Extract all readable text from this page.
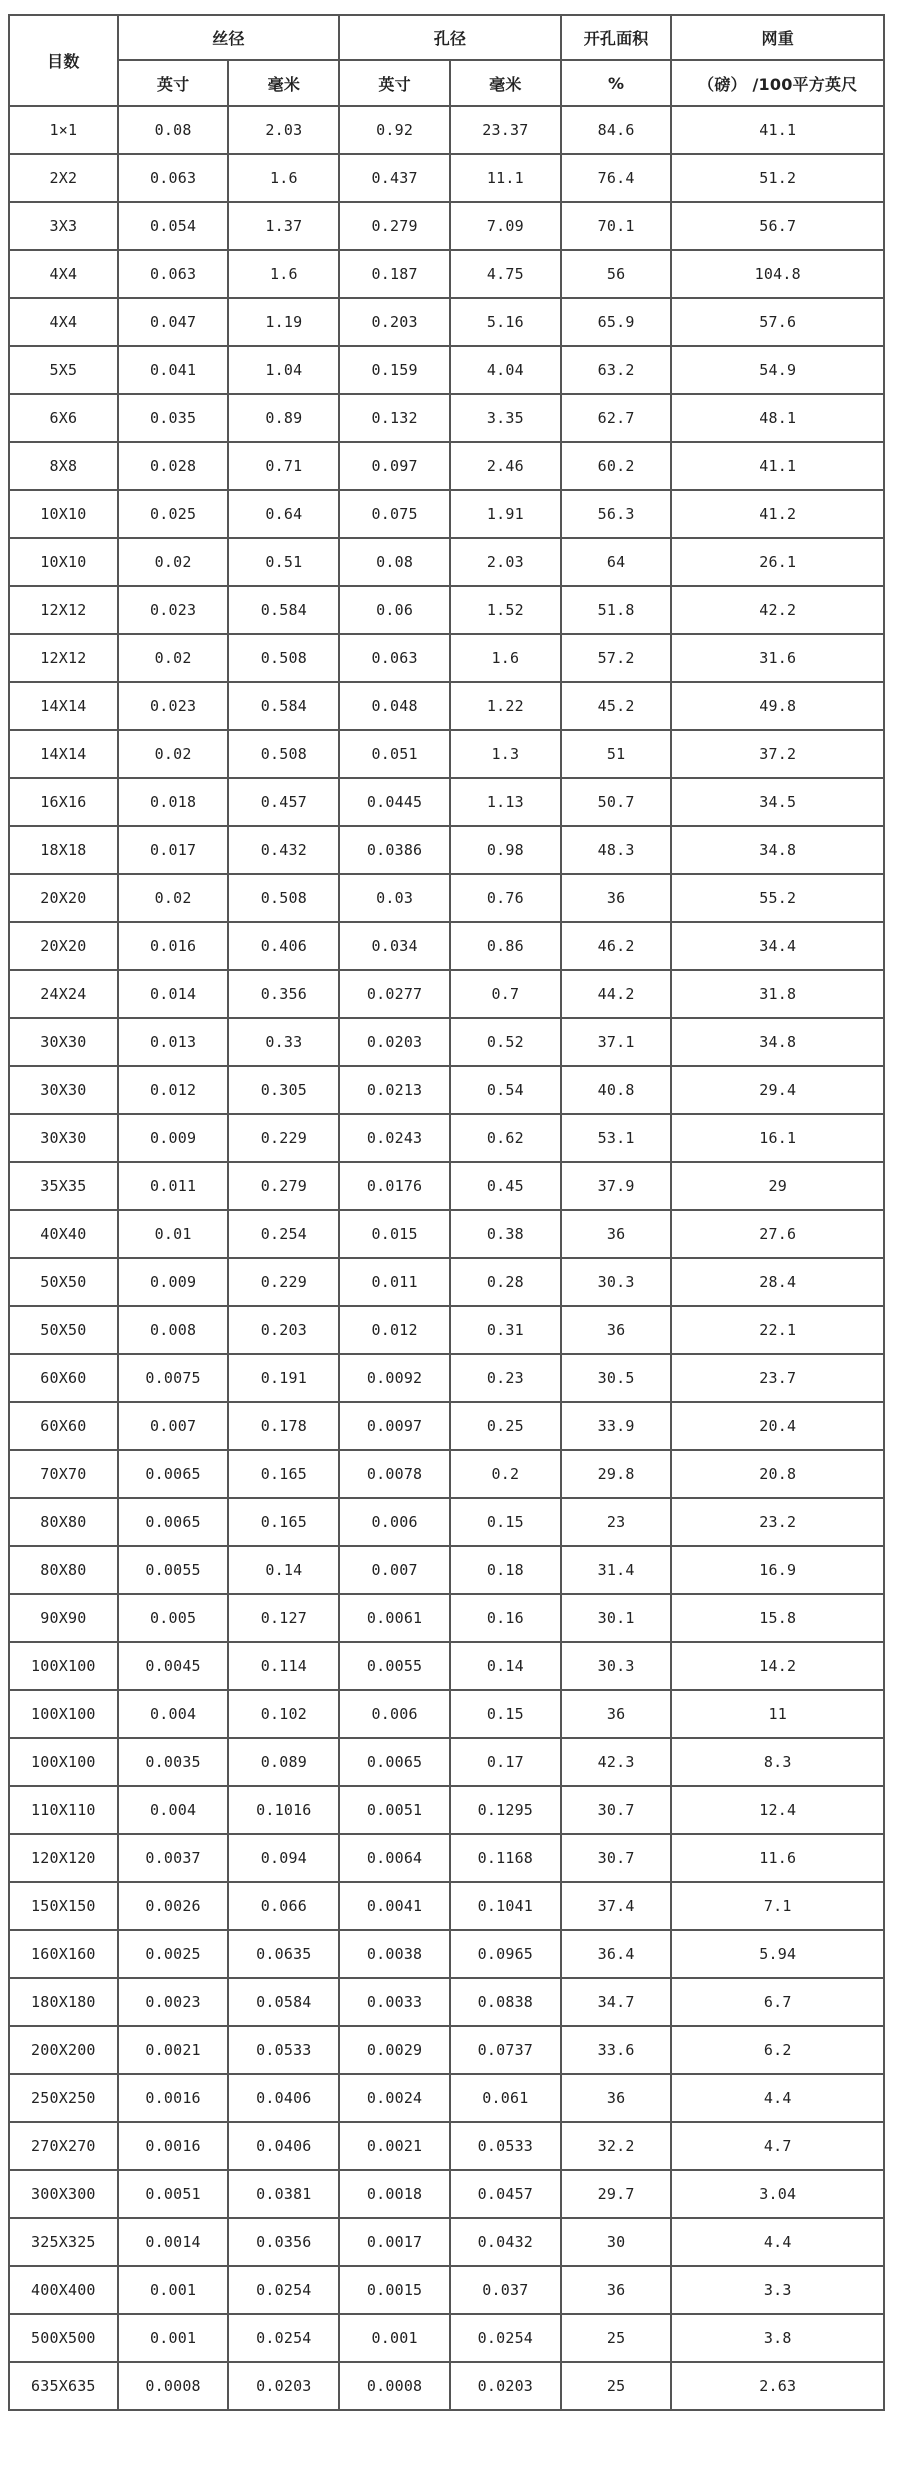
目数	丝径		孔径		开孔面积	网重
	英寸	毫米	英寸	毫米	%	（磅） /100平方英尺
1×1	0.08	2.03	0.92	23.37	84.6	41.1
2X2	0.063	1.6	0.437	11.1	76.4	51.2
3X3	0.054	1.37	0.279	7.09	70.1	56.7
4X4	0.063	1.6	0.187	4.75	56	104.8
4X4	0.047	1.19	0.203	5.16	65.9	57.6
5X5	0.041	1.04	0.159	4.04	63.2	54.9
6X6	0.035	0.89	0.132	3.35	62.7	48.1
8X8	0.028	0.71	0.097	2.46	60.2	41.1
10X10	0.025	0.64	0.075	1.91	56.3	41.2
10X10	0.02	0.51	0.08	2.03	64	26.1
12X12	0.023	0.584	0.06	1.52	51.8	42.2
12X12	0.02	0.508	0.063	1.6	57.2	31.6
14X14	0.023	0.584	0.048	1.22	45.2	49.8
14X14	0.02	0.508	0.051	1.3	51	37.2
16X16	0.018	0.457	0.0445	1.13	50.7	34.5
18X18	0.017	0.432	0.0386	0.98	48.3	34.8
20X20	0.02	0.508	0.03	0.76	36	55.2
20X20	0.016	0.406	0.034	0.86	46.2	34.4
24X24	0.014	0.356	0.0277	0.7	44.2	31.8
30X30	0.013	0.33	0.0203	0.52	37.1	34.8
30X30	0.012	0.305	0.0213	0.54	40.8	29.4
30X30	0.009	0.229	0.0243	0.62	53.1	16.1
35X35	0.011	0.279	0.0176	0.45	37.9	29
40X40	0.01	0.254	0.015	0.38	36	27.6
50X50	0.009	0.229	0.011	0.28	30.3	28.4
50X50	0.008	0.203	0.012	0.31	36	22.1
60X60	0.0075	0.191	0.0092	0.23	30.5	23.7
60X60	0.007	0.178	0.0097	0.25	33.9	20.4
70X70	0.0065	0.165	0.0078	0.2	29.8	20.8
80X80	0.0065	0.165	0.006	0.15	23	23.2
80X80	0.0055	0.14	0.007	0.18	31.4	16.9
90X90	0.005	0.127	0.0061	0.16	30.1	15.8
100X100	0.0045	0.114	0.0055	0.14	30.3	14.2
100X100	0.004	0.102	0.006	0.15	36	11
100X100	0.0035	0.089	0.0065	0.17	42.3	8.3
110X110	0.004	0.1016	0.0051	0.1295	30.7	12.4
120X120	0.0037	0.094	0.0064	0.1168	30.7	11.6
150X150	0.0026	0.066	0.0041	0.1041	37.4	7.1
160X160	0.0025	0.0635	0.0038	0.0965	36.4	5.94
180X180	0.0023	0.0584	0.0033	0.0838	34.7	6.7
200X200	0.0021	0.0533	0.0029	0.0737	33.6	6.2
250X250	0.0016	0.0406	0.0024	0.061	36	4.4
270X270	0.0016	0.0406	0.0021	0.0533	32.2	4.7
300X300	0.0051	0.0381	0.0018	0.0457	29.7	3.04
325X325	0.0014	0.0356	0.0017	0.0432	30	4.4
400X400	0.001	0.0254	0.0015	0.037	36	3.3
500X500	0.001	0.0254	0.001	0.0254	25	3.8
635X635	0.0008	0.0203	0.0008	0.0203	25	2.63
